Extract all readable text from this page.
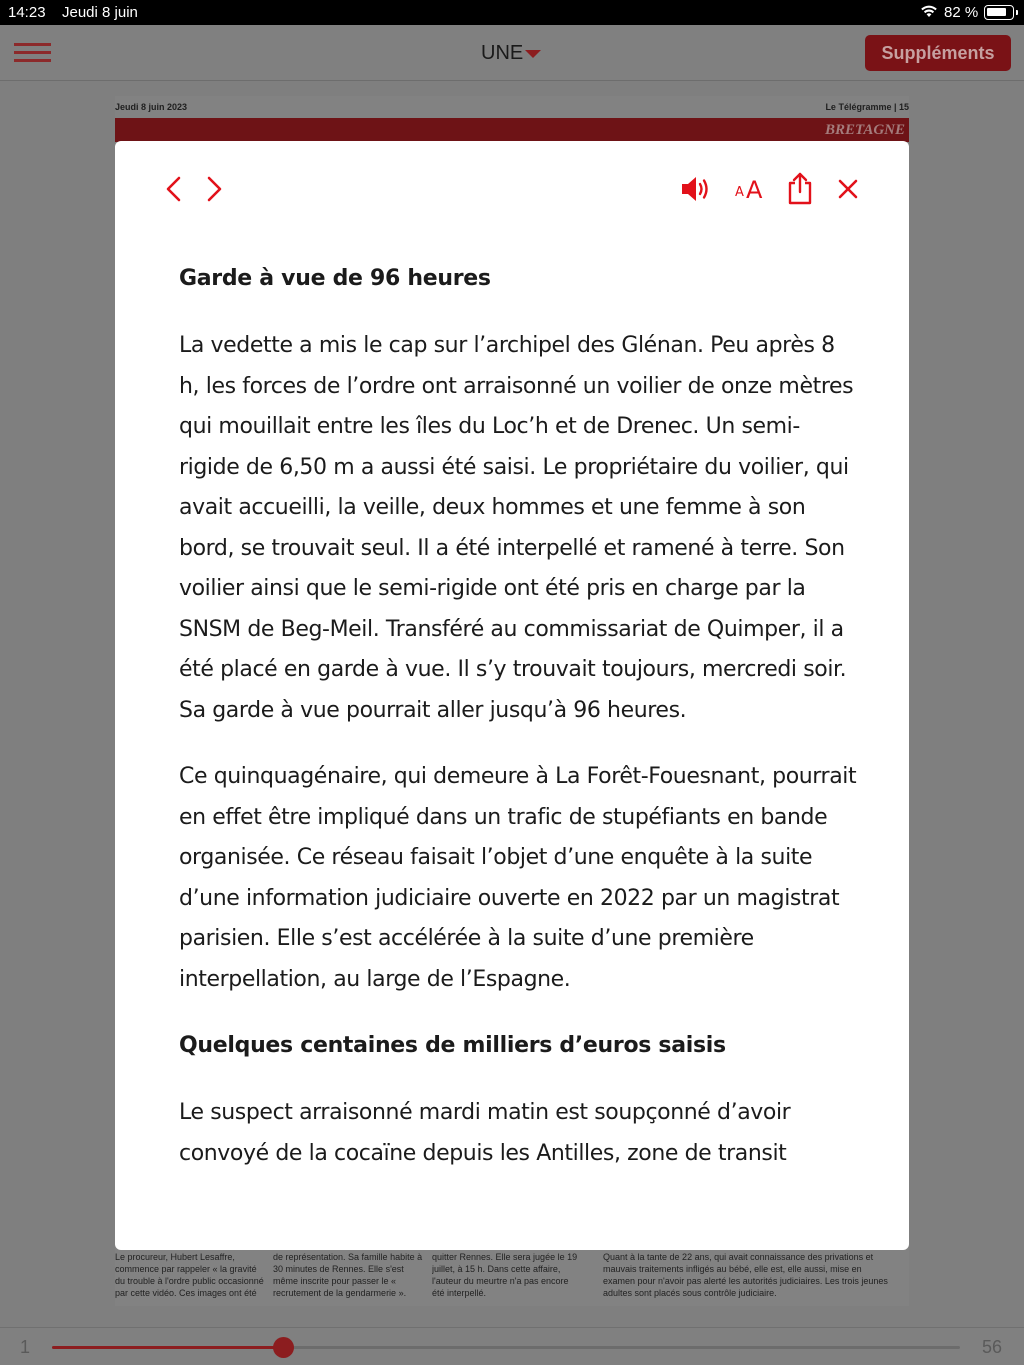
14:23 Jeudi 8 juin	82 %
UNE	Suppléments
Jeudi 8 juin 2023	Le Télégramme | 15
BRETAGNE
Le procureur, Hubert Lesaffre, commence par rappeler « la gravité du trouble à l'ordre public occasionné par cette vidéo. Ces images ont été
de représentation. Sa famille habite à 30 minutes de Rennes. Elle s'est même inscrite pour passer le « recrutement de la gendarmerie ».
quitter Rennes. Elle sera jugée le 19 juillet, à 15 h. Dans cette affaire, l'auteur du meurtre n'a pas encore été interpellé.
Quant à la tante de 22 ans, qui avait connaissance des privations et mauvais traitements infligés au bébé, elle est, elle aussi, mise en examen pour n'avoir pas alerté les autorités judiciaires. Les trois jeunes adultes sont placés sous contrôle judiciaire.
A A
Garde à vue de 96 heures

La vedette a mis le cap sur l’archipel des Glénan. Peu après 8 h, les forces de l’ordre ont arraisonné un voilier de onze mètres qui mouillait entre les îles du Loc’h et de Drenec. Un semi-rigide de 6,50 m a aussi été saisi. Le propriétaire du voilier, qui avait accueilli, la veille, deux hommes et une femme à son bord, se trouvait seul. Il a été interpellé et ramené à terre. Son voilier ainsi que le semi-rigide ont été pris en charge par la SNSM de Beg-Meil. Transféré au commissariat de Quimper, il a été placé en garde à vue. Il s’y trouvait toujours, mercredi soir. Sa garde à vue pourrait aller jusqu’à 96 heures.

Ce quinquagénaire, qui demeure à La Forêt-Fouesnant, pourrait en effet être impliqué dans un trafic de stupéfiants en bande organisée. Ce réseau faisait l’objet d’une enquête à la suite d’une information judiciaire ouverte en 2022 par un magistrat parisien. Elle s’est accélérée à la suite d’une première interpellation, au large de l’Espagne.

Quelques centaines de milliers d’euros saisis

Le suspect arraisonné mardi matin est soupçonné d’avoir convoyé de la cocaïne depuis les Antilles, zone de transit

1	56
